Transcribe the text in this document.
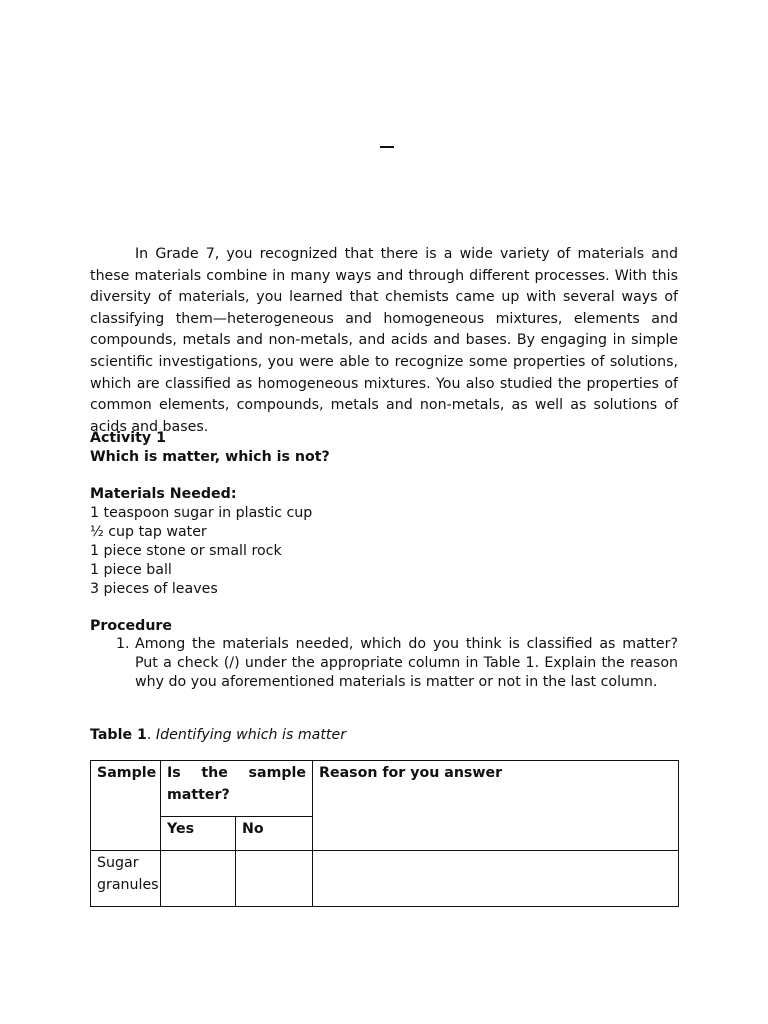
In Grade 7, you recognized that there is a wide variety of materials and these materials combine in many ways and through different processes. With this diversity of materials, you learned that chemists came up with several ways of classifying them—heterogeneous and homogeneous mixtures, elements and compounds, metals and non-metals, and acids and bases. By engaging in simple scientific investigations, you were able to recognize some properties of solutions, which are classified as homogeneous mixtures. You also studied the properties of common elements, compounds, metals and non-metals, as well as solutions of acids and bases.

Activity 1
Which is matter, which is not?
Materials Needed:
1 teaspoon sugar in plastic cup
½ cup tap water
1 piece stone or small rock
1 piece ball
3 pieces of leaves
Procedure
1. Among the materials needed, which do you think is classified as matter? Put a check (/) under the appropriate column in Table 1. Explain the reason why do you aforementioned materials is matter or not in the last column.
Table 1. Identifying which is matter
Sample	Is the sample matter?		Reason for you answer
	Yes	No	
Sugar granules			
